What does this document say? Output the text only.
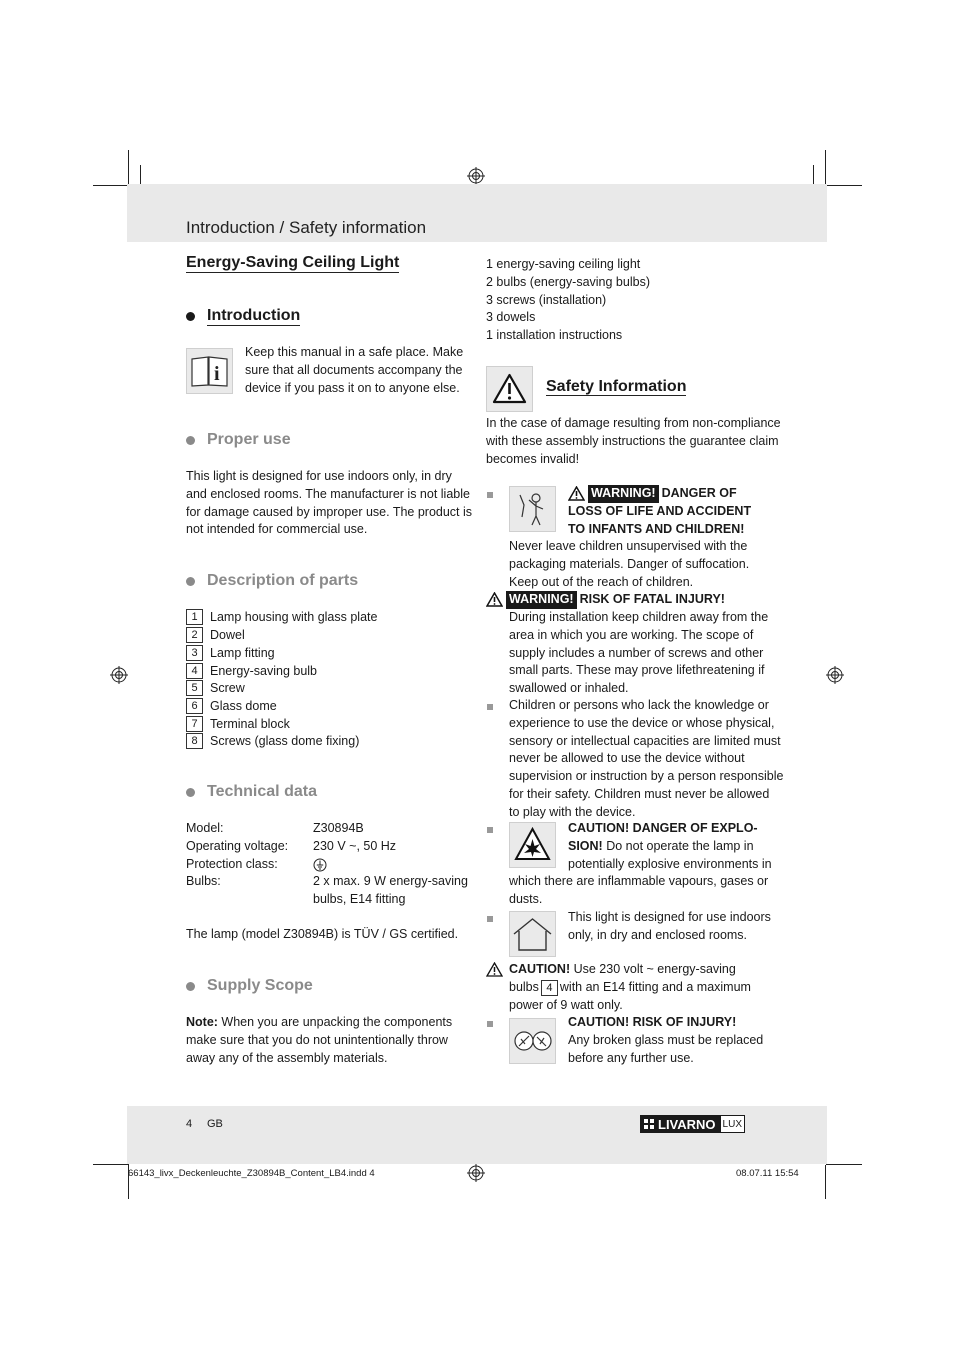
Introduction / Safety information
Energy-Saving Ceiling Light
Introduction
i
Keep this manual in a safe place. Make
sure that all documents accompany the
device if you pass it on to anyone else.
Proper use
This light is designed for use indoors only, in dry
and enclosed rooms. The manufacturer is not liable
for damage caused by improper use. The product is
not intended for commercial use.
Description of parts
1 Lamp housing with glass plate
2 Dowel
3 Lamp fitting
4 Energy-saving bulb
5 Screw
6 Glass dome
7 Terminal block
8 Screws (glass dome fixing)
Technical data
Model:	Z30894B
Operating voltage: 230 V ~, 50 Hz
Protection class:
Bulbs:	2 x max. 9 W energy-saving
bulbs, E14 fitting
The lamp (model Z30894B) is TÜV / GS certified.
Supply Scope
Note: When you are unpacking the components
make sure that you do not unintentionally throw
away any of the assembly materials.
1 energy-saving ceiling light
2 bulbs (energy-saving bulbs)
3 screws (installation)
3 dowels
1 installation instructions
Safety Information
In the case of damage resulting from non-compliance
with these assembly instructions the guarantee claim
becomes invalid!
WARNING! DANGER OF
LOSS OF LIFE AND ACCIDENT
TO INFANTS AND CHILDREN!
Never leave children unsupervised with the
packaging materials. Danger of suffocation.
Keep out of the reach of children.
WARNING! RISK OF FATAL INJURY!
During installation keep children away from the
area in which you are working. The scope of
supply includes a number of screws and other
small parts. These may prove lifethreatening if
swallowed or inhaled.
Children or persons who lack the knowledge or
experience to use the device or whose physical,
sensory or intellectual capacities are limited must
never be allowed to use the device without
supervision or instruction by a person responsible
for their safety. Children must never be allowed
to play with the device.
CAUTION! DANGER OF EXPLO-
SION! Do not operate the lamp in
potentially explosive environments in
which there are inflammable vapours, gases or
dusts.
This light is designed for use indoors
only, in dry and enclosed rooms.
CAUTION! Use 230 volt ~ energy-saving
bulbs 4 with an E14 fitting and a maximum
power of 9 watt only.
CAUTION! RISK OF INJURY!
Any broken glass must be replaced
before any further use.
4 GB	LIVARNO LUX
66143_livx_Deckenleuchte_Z30894B_Content_LB4.indd 4	08.07.11 15:54
